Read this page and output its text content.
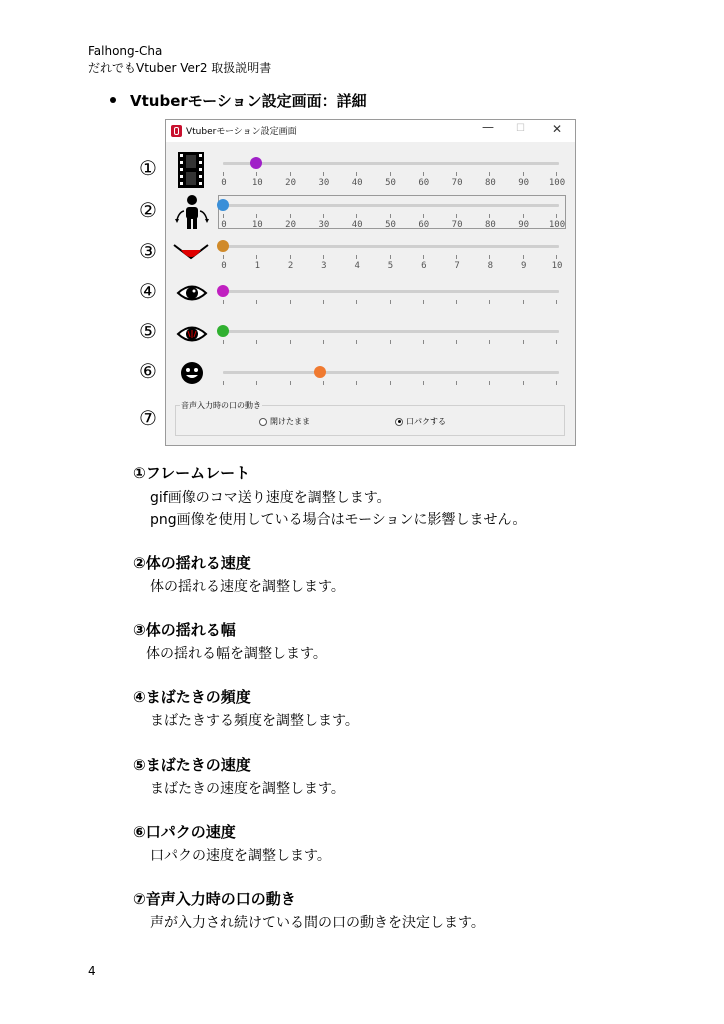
Falhong-Cha
だれでもVtuber Ver2 取扱説明書
Vtuberモーション設定画面：詳細
Vtuberモーション設定画面	— ☐ ✕
①
②
③
④
⑤
⑥
⑦
0	10 20 30 40 50 60 70 80 90 100
0	10 20 30 40 50 60 70 80 90 100
0	1	2	3	4	5	6	7	8	9	10
音声入力時の口の動き
開けたまま	口パクする
①フレームレート
gif画像のコマ送り速度を調整します。
png画像を使用している場合はモーションに影響しません。
②体の揺れる速度
体の揺れる速度を調整します。
③体の揺れる幅
体の揺れる幅を調整します。
④まばたきの頻度
まばたきする頻度を調整します。
⑤まばたきの速度
まばたきの速度を調整します。
⑥口パクの速度
口パクの速度を調整します。
⑦音声入力時の口の動き
声が入力され続けている間の口の動きを決定します。
4
